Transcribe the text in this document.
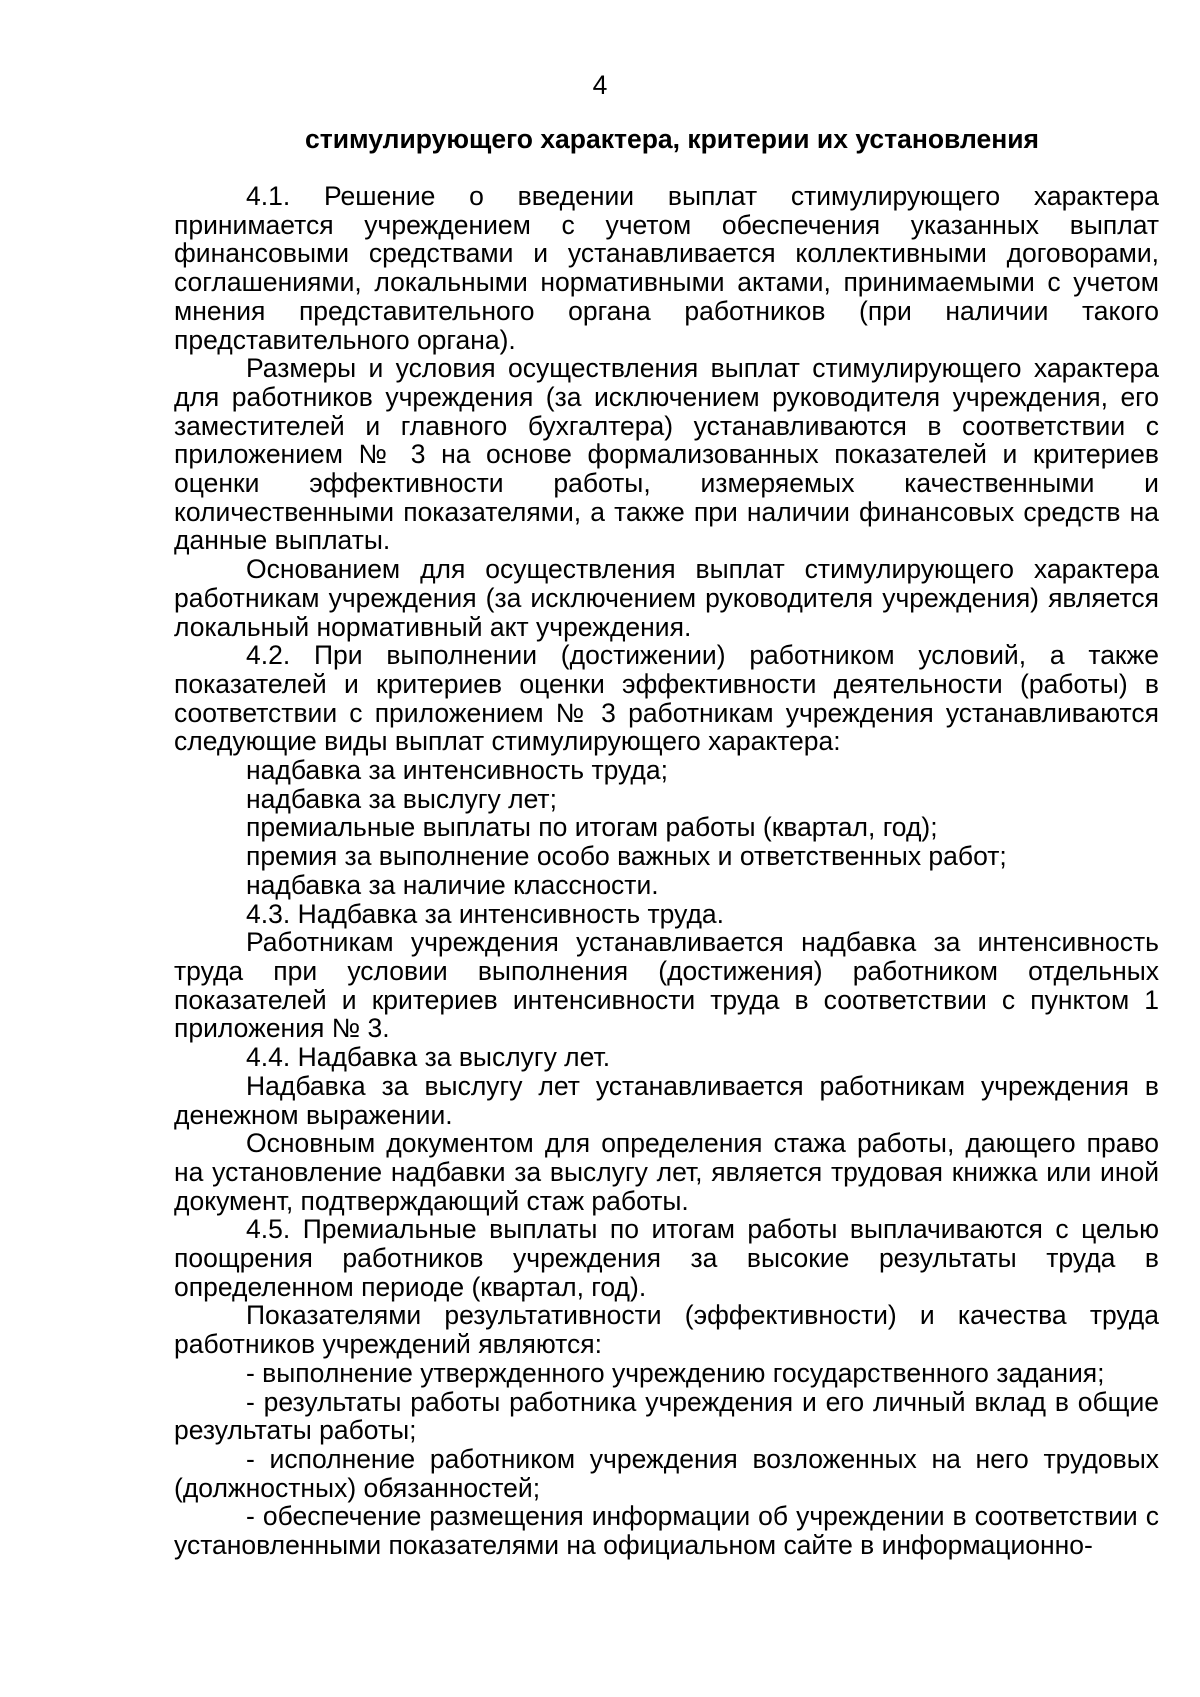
4
стимулирующего характера, критерии их установления

4.1. Решение о введении выплат стимулирующего характера принимается учреждением с учетом обеспечения указанных выплат финансовыми средствами и устанавливается коллективными договорами, соглашениями, локальными нормативными актами, принимаемыми с учетом мнения представительного органа работников (при наличии такого представительного органа).

Размеры и условия осуществления выплат стимулирующего характера для работников учреждения (за исключением руководителя учреждения, его заместителей и главного бухгалтера) устанавливаются в соответствии с приложением № 3 на основе формализованных показателей и критериев оценки эффективности работы, измеряемых качественными и количественными показателями, а также при наличии финансовых средств на данные выплаты.

Основанием для осуществления выплат стимулирующего характера работникам учреждения (за исключением руководителя учреждения) является локальный нормативный акт учреждения.

4.2. При выполнении (достижении) работником условий, а также показателей и критериев оценки эффективности деятельности (работы) в соответствии с приложением № 3 работникам учреждения устанавливаются следующие виды выплат стимулирующего характера:

надбавка за интенсивность труда;

надбавка за выслугу лет;

премиальные выплаты по итогам работы (квартал, год);

премия за выполнение особо важных и ответственных работ;

надбавка за наличие классности.

4.3. Надбавка за интенсивность труда.

Работникам учреждения устанавливается надбавка за интенсивность труда при условии выполнения (достижения) работником отдельных показателей и критериев интенсивности труда в соответствии с пунктом 1 приложения № 3.

4.4. Надбавка за выслугу лет.

Надбавка за выслугу лет устанавливается работникам учреждения в денежном выражении.

Основным документом для определения стажа работы, дающего право на установление надбавки за выслугу лет, является трудовая книжка или иной документ, подтверждающий стаж работы.

4.5. Премиальные выплаты по итогам работы выплачиваются с целью поощрения работников учреждения за высокие результаты труда в определенном периоде (квартал, год).

Показателями результативности (эффективности) и качества труда работников учреждений являются:

- выполнение утвержденного учреждению государственного задания;

- результаты работы работника учреждения и его личный вклад в общие результаты работы;

- исполнение работником учреждения возложенных на него трудовых (должностных) обязанностей;

- обеспечение размещения информации об учреждении в соответствии с установленными показателями на официальном сайте в информационно-
